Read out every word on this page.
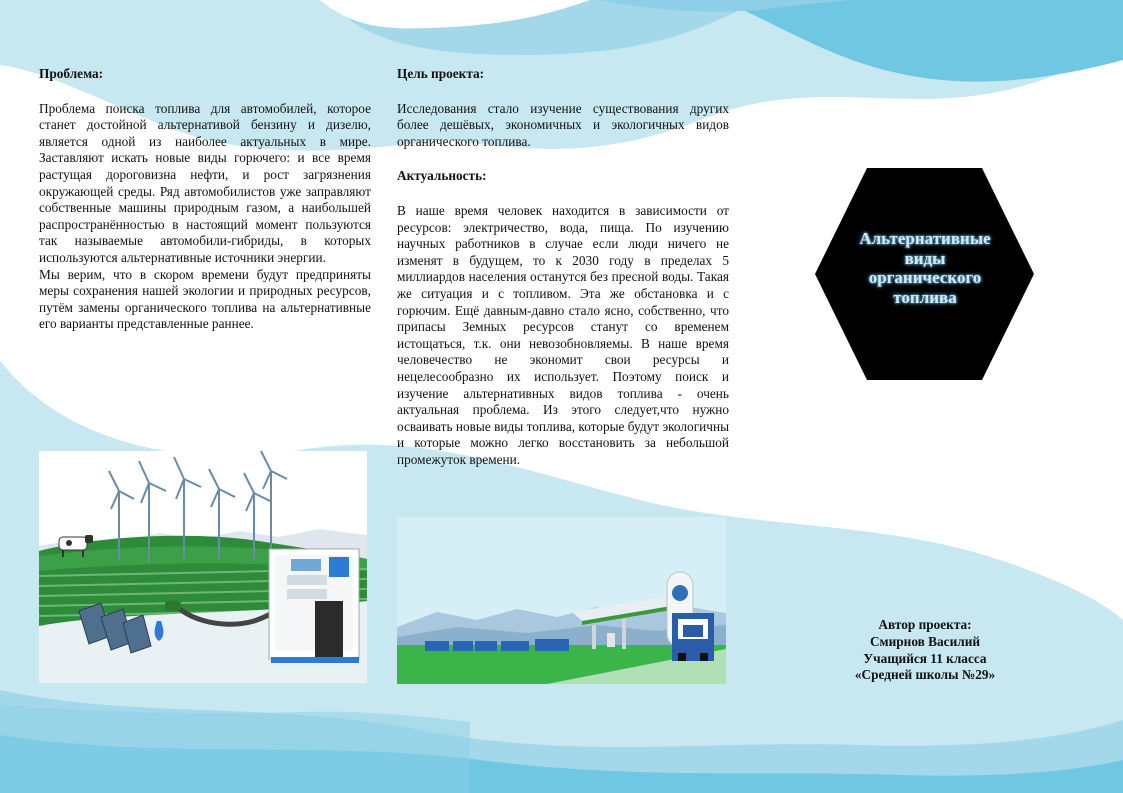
Проблема:

Проблема поиска топлива для автомобилей, которое станет достойной альтернативой бензину и дизелю, является одной из наиболее актуальных в мире. Заставляют искать новые виды горючего: и все время растущая дороговизна нефти, и рост загрязнения окружающей среды. Ряд автомобилистов уже заправляют собственные машины природным газом, а наибольшей распространённостью в настоящий момент пользуются так называемые автомобили-гибриды, в которых используются альтернативные источники энергии.

Мы верим, что в скором времени будут предприняты меры сохранения нашей экологии и природных ресурсов, путём замены органического топлива на альтернативные его варианты представленные раннее.

Цель проекта:

Исследования стало изучение существования других более дешёвых, экономичных и экологичных видов органического топлива.

Актуальность:

В наше время человек находится в зависимости от ресурсов: электричество, вода, пища. По изучению научных работников в случае если люди ничего не изменят в будущем, то к 2030 году в пределах 5 миллиардов населения останутся без пресной воды. Такая же ситуация и с топливом. Эта же обстановка и с горючим. Ещё давным-давно стало ясно, собственно, что припасы Земных ресурсов станут со временем истощаться, т.к. они невозобновляемы. В наше время человечество не экономит свои ресурсы и нецелесообразно их использует. Поэтому поиск и изучение альтернативных видов топлива - очень актуальная проблема. Из этого следует,что нужно осваивать новые виды топлива, которые будут экологичны и которые можно легко восстановить за небольшой промежуток времени.

Альтернативные виды органического топлива
Автор проекта:
Смирнов Василий
Учащийся 11 класса
«Средней школы №29»
